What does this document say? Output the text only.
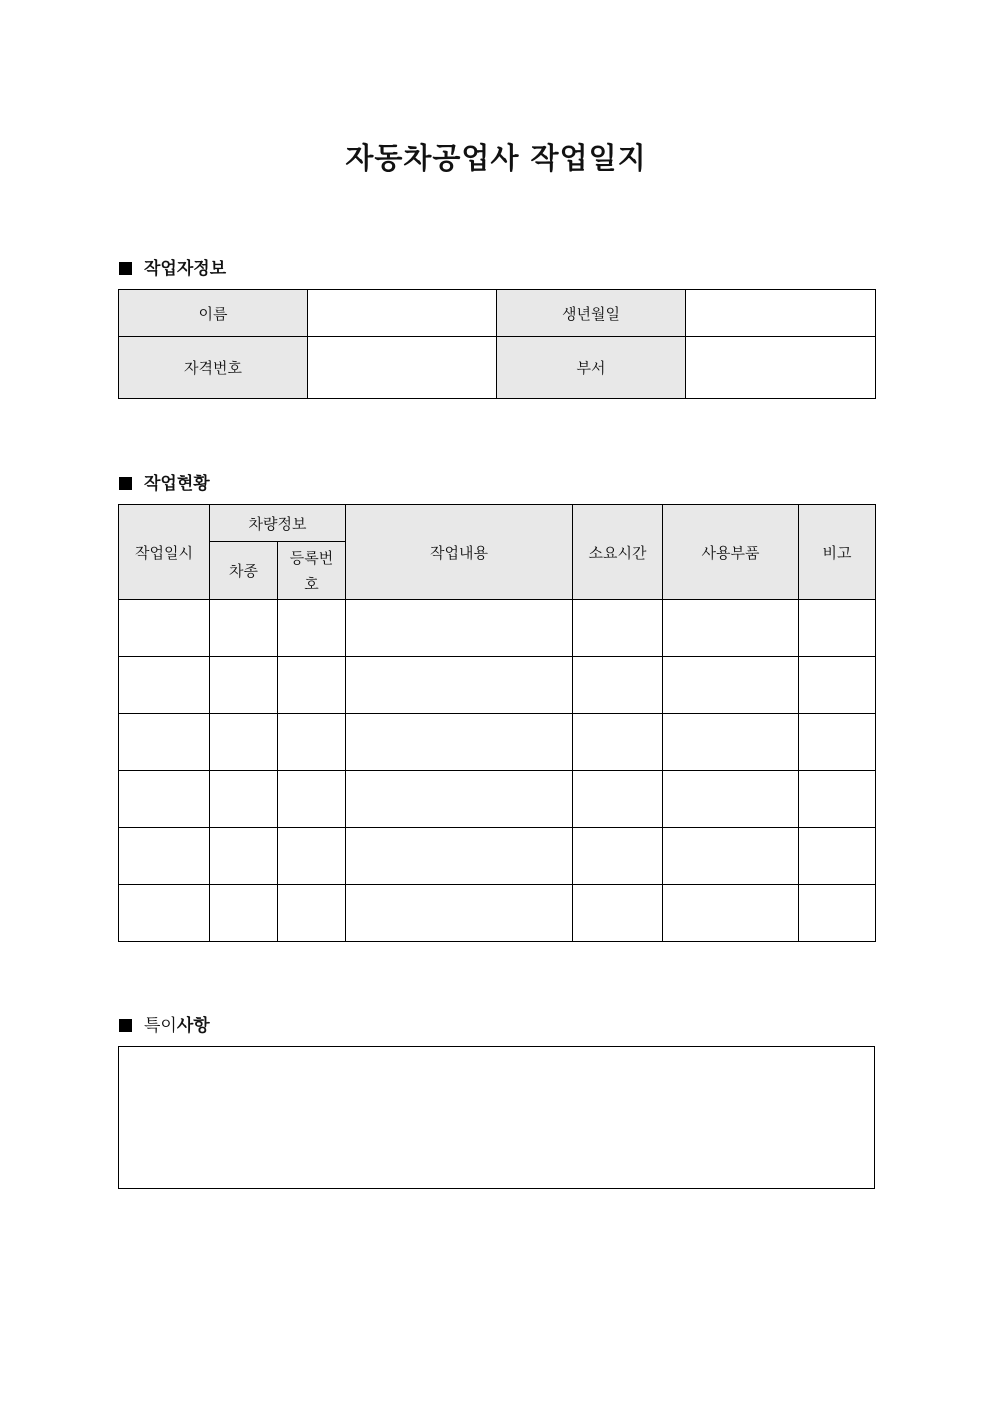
자동차공업사 작업일지
작업자정보
이름		생년월일	
자격번호		부서	
작업현황
작업일시	차량정보		작업내용	소요시간	사용부품	비고
	차종	등록번호				

특이사항
